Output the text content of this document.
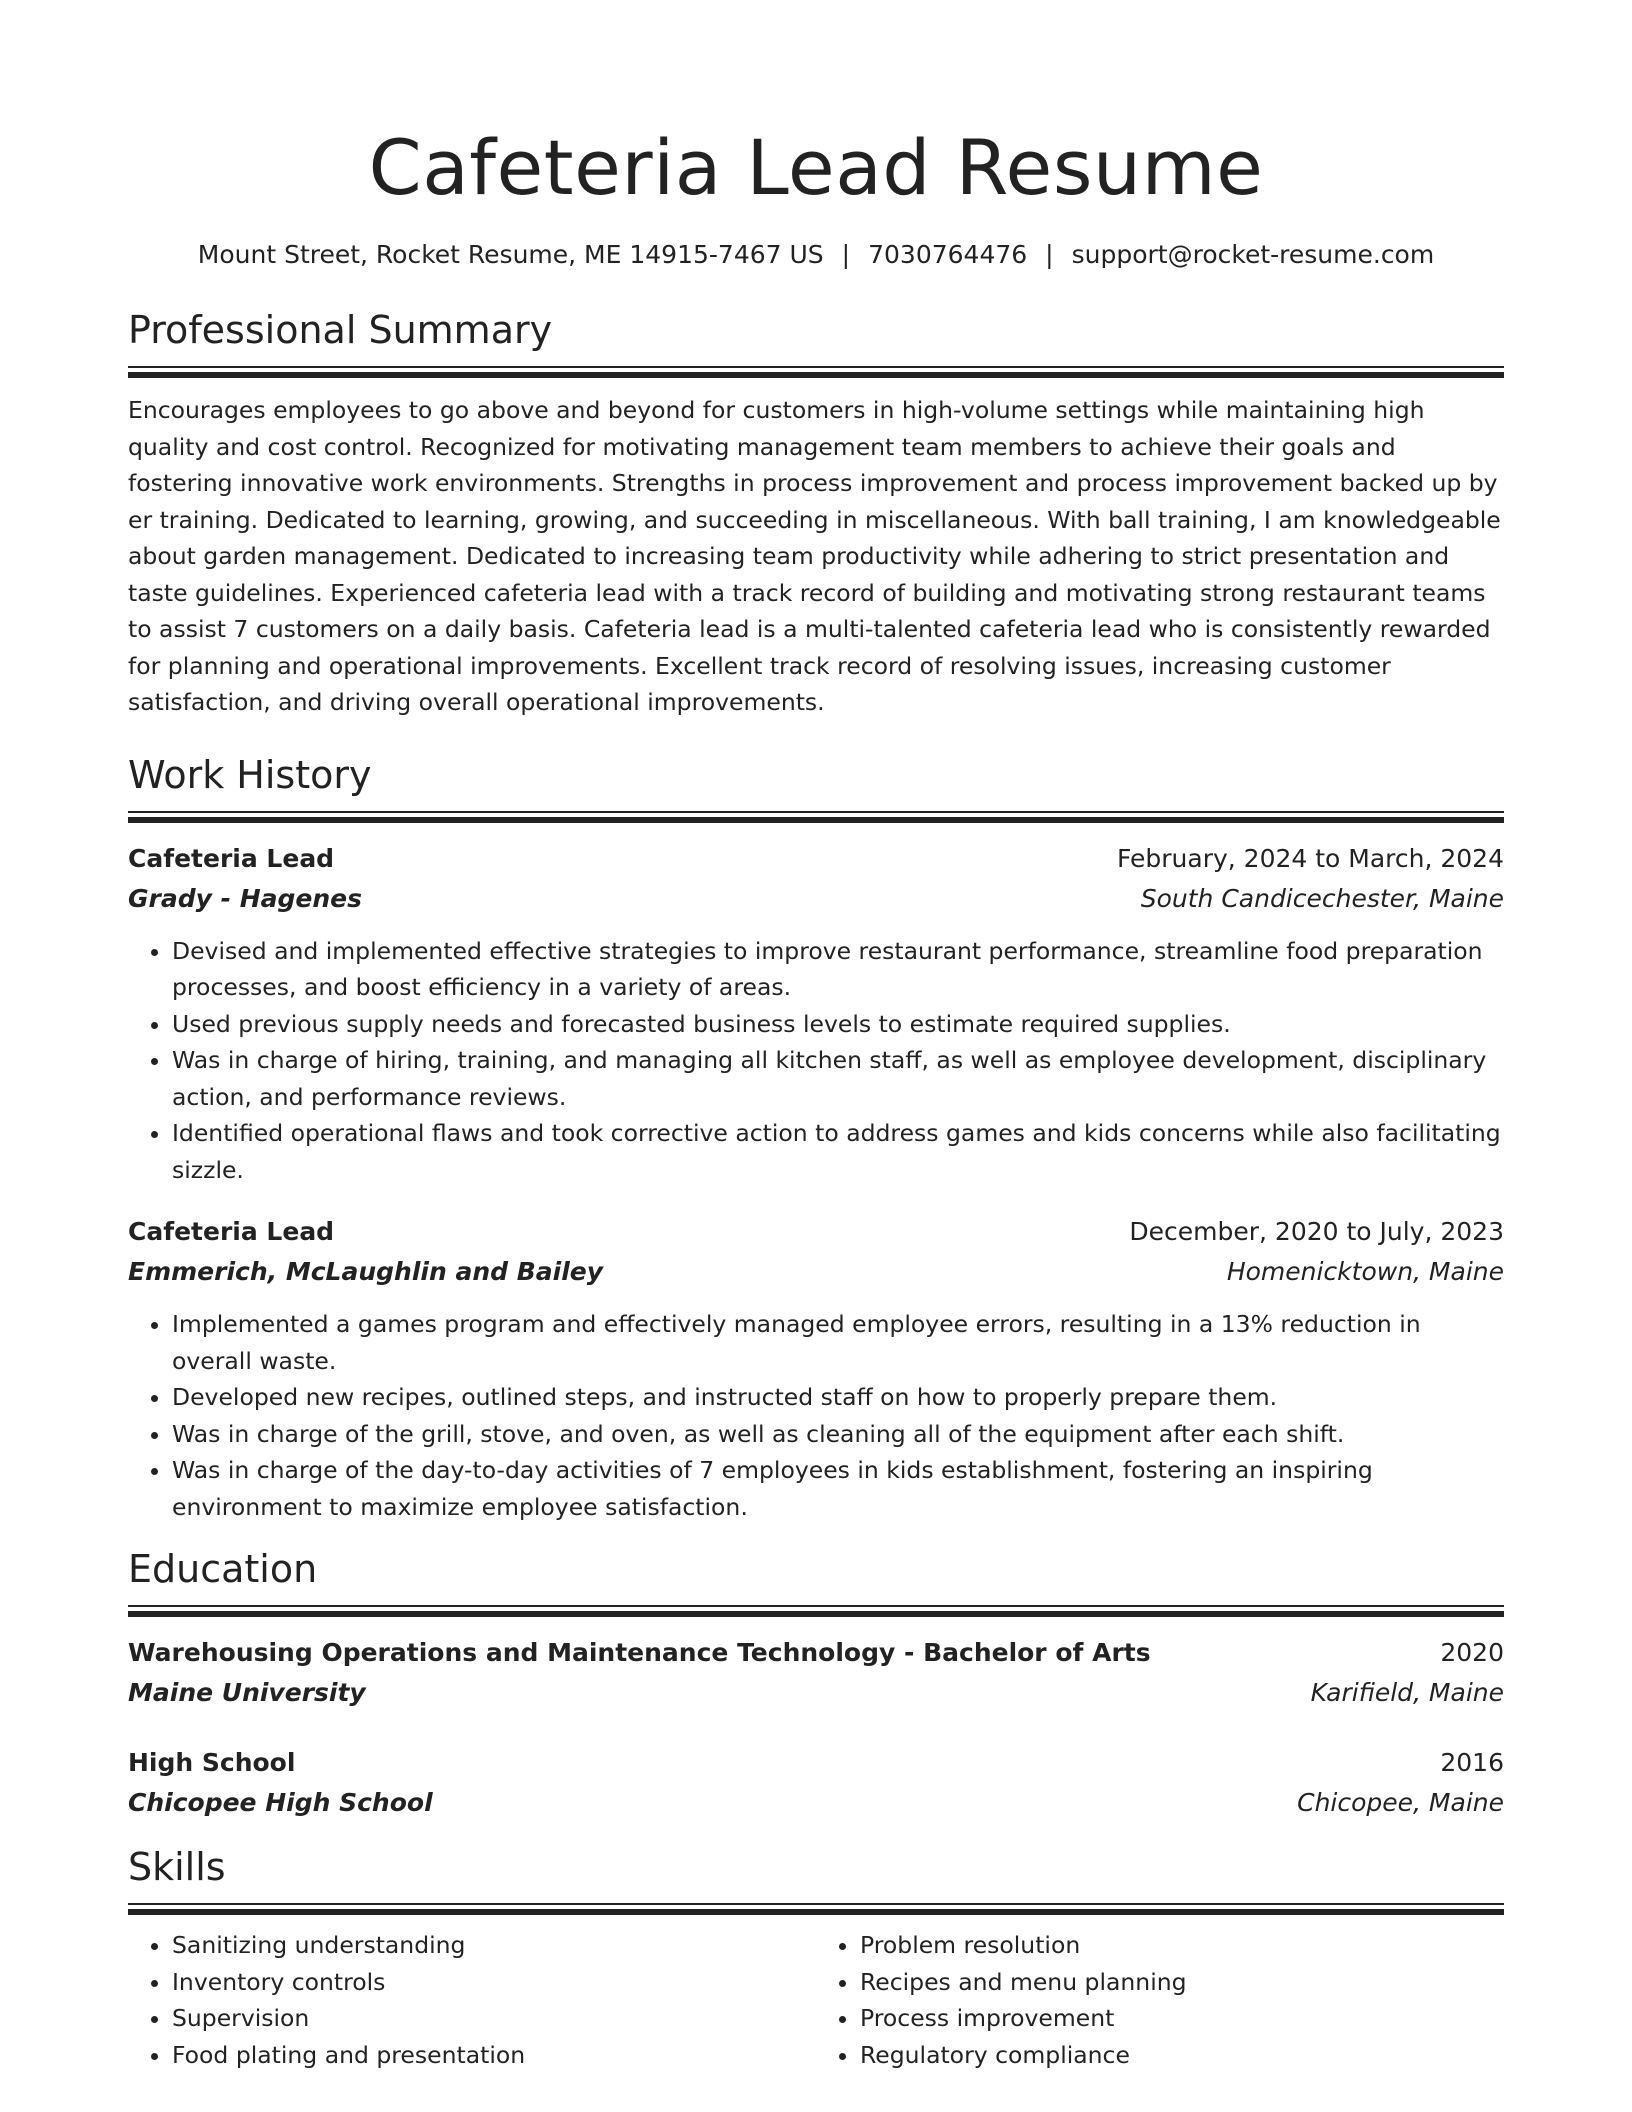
Cafeteria Lead Resume
Mount Street, Rocket Resume, ME 14915-7467 US | 7030764476 | support@rocket-resume.com
Professional Summary

Encourages employees to go above and beyond for customers in high-volume settings while maintaining high quality and cost control. Recognized for motivating management team members to achieve their goals and fostering innovative work environments. Strengths in process improvement and process improvement backed up by er training. Dedicated to learning, growing, and succeeding in miscellaneous. With ball training, I am knowledgeable about garden management. Dedicated to increasing team productivity while adhering to strict presentation and taste guidelines. Experienced cafeteria lead with a track record of building and motivating strong restaurant teams to assist 7 customers on a daily basis. Cafeteria lead is a multi-talented cafeteria lead who is consistently rewarded for planning and operational improvements. Excellent track record of resolving issues, increasing customer satisfaction, and driving overall operational improvements.

Work History
Cafeteria Lead	February, 2024 to March, 2024
Grady - Hagenes	South Candicechester, Maine
• Devised and implemented effective strategies to improve restaurant performance, streamline food preparation processes, and boost efficiency in a variety of areas.
• Used previous supply needs and forecasted business levels to estimate required supplies.
• Was in charge of hiring, training, and managing all kitchen staff, as well as employee development, disciplinary action, and performance reviews.
• Identified operational flaws and took corrective action to address games and kids concerns while also facilitating sizzle.
Cafeteria Lead	December, 2020 to July, 2023
Emmerich, McLaughlin and Bailey	Homenicktown, Maine
• Implemented a games program and effectively managed employee errors, resulting in a 13% reduction in overall waste.
• Developed new recipes, outlined steps, and instructed staff on how to properly prepare them.
• Was in charge of the grill, stove, and oven, as well as cleaning all of the equipment after each shift.
• Was in charge of the day-to-day activities of 7 employees in kids establishment, fostering an inspiring environment to maximize employee satisfaction.
Education
Warehousing Operations and Maintenance Technology - Bachelor of Arts	2020
Maine University	Karifield, Maine
High School	2016
Chicopee High School	Chicopee, Maine
Skills
• Sanitizing understanding
• Inventory controls
• Supervision
• Food plating and presentation
• Problem resolution
• Recipes and menu planning
• Process improvement
• Regulatory compliance
